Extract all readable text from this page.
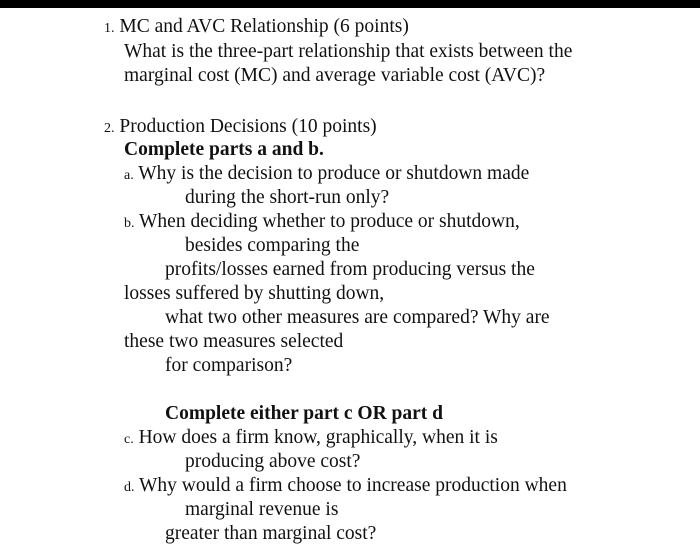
1. MC and AVC Relationship (6 points)
What is the three-part relationship that exists between the
marginal cost (MC) and average variable cost (AVC)?
2. Production Decisions (10 points)
Complete parts a and b.
a. Why is the decision to produce or shutdown made
during the short-run only?
b. When deciding whether to produce or shutdown,
besides comparing the
profits/losses earned from producing versus the
losses suffered by shutting down,
what two other measures are compared? Why are
these two measures selected
for comparison?
Complete either part c OR part d
c. How does a firm know, graphically, when it is
producing above cost?
d. Why would a firm choose to increase production when
marginal revenue is
greater than marginal cost?
